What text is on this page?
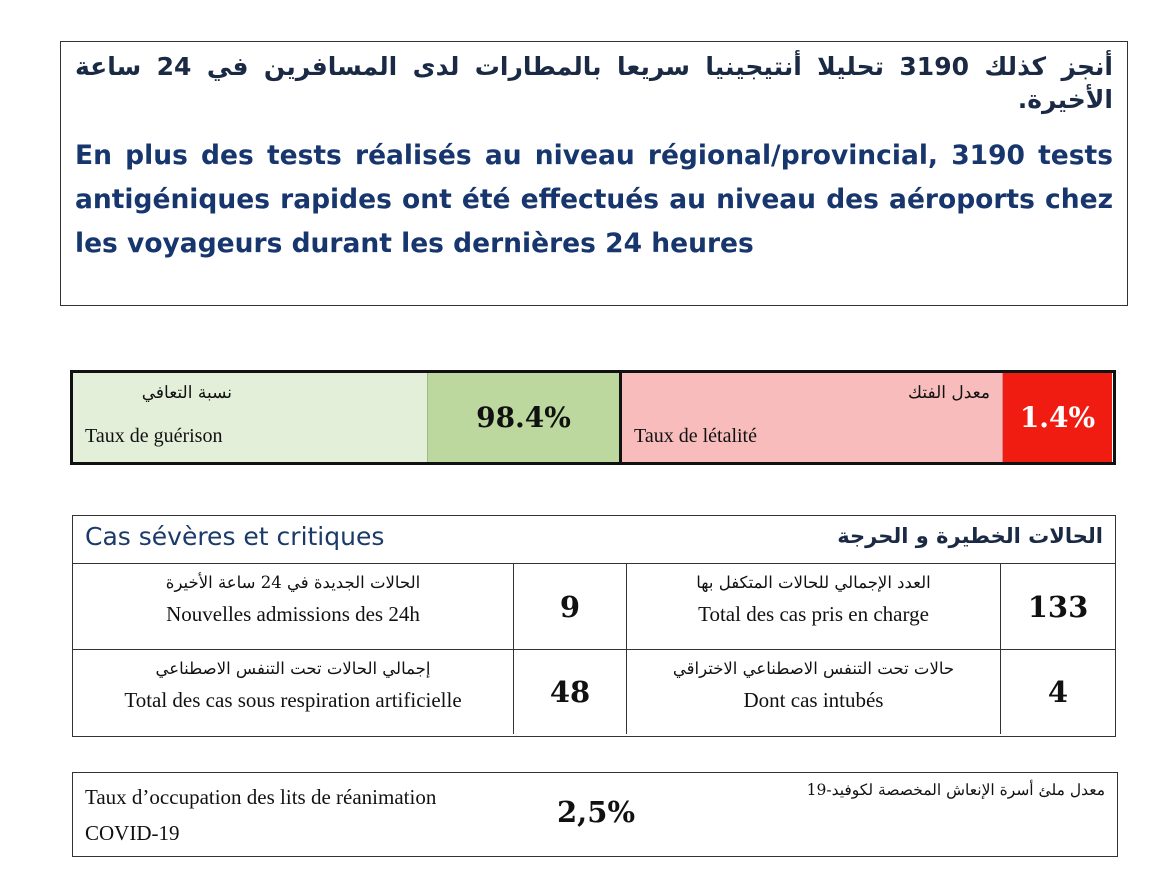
أنجز كذلك 3190 تحليلا أنتيجينيا سريعا بالمطارات لدى المسافرين في 24 ساعة الأخيرة.

En plus des tests réalisés au niveau régional/provincial, 3190 tests antigéniques rapides ont été effectués au niveau des aéroports chez les voyageurs durant les dernières 24 heures

نسبة التعافي
Taux de guérison
98.4%
معدل الفتك
Taux de létalité
1.4%
Cas sévères et critiques	الحالات الخطيرة و الحرجة
الحالات الجديدة في 24 ساعة الأخيرة
Nouvelles admissions des 24h	9
العدد الإجمالي للحالات المتكفل بها
Total des cas pris en charge	133
إجمالي الحالات تحت التنفس الاصطناعي
Total des cas sous respiration artificielle	48
حالات تحت التنفس الاصطناعي الاختراقي
Dont cas intubés	4
Taux d’occupation des lits de réanimation COVID-19
2,5%
معدل ملئ أسرة الإنعاش المخصصة لكوفيد-19
